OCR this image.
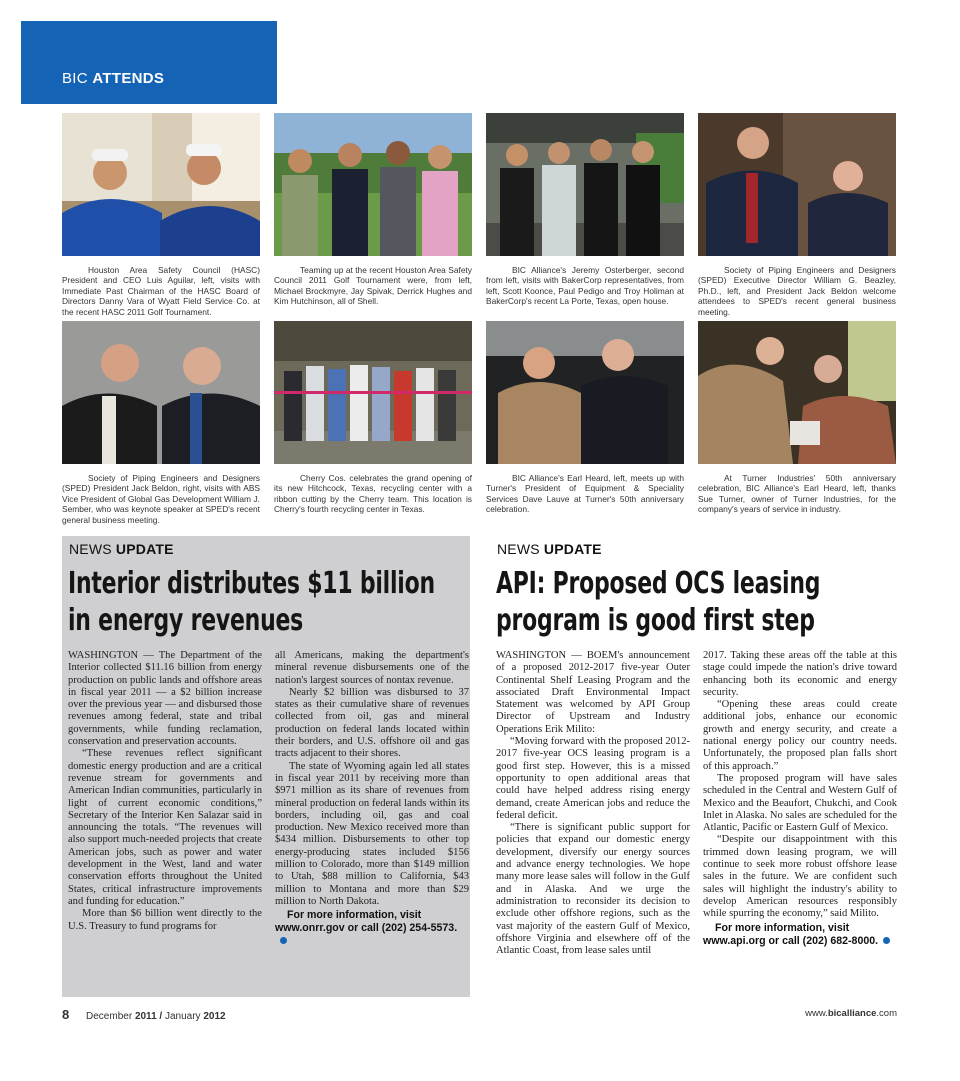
BIC ATTENDS
Houston Area Safety Council (HASC) President and CEO Luis Aguilar, left, visits with Immediate Past Chairman of the HASC Board of Directors Danny Vara of Wyatt Field Service Co. at the recent HASC 2011 Golf Tournament.
Teaming up at the recent Houston Area Safety Council 2011 Golf Tournament were, from left, Michael Brockmyre, Jay Spivak, Derrick Hughes and Kim Hutchinson, all of Shell.
BIC Alliance's Jeremy Osterberger, second from left, visits with BakerCorp representatives, from left, Scott Koonce, Paul Pedigo and Troy Holiman at BakerCorp's recent La Porte, Texas, open house.
Society of Piping Engineers and Designers (SPED) Executive Director William G. Beazley, Ph.D., left, and President Jack Beldon welcome attendees to SPED's recent general business meeting.
Society of Piping Engineers and Designers (SPED) President Jack Beldon, right, visits with ABS Vice President of Global Gas Development William J. Sember, who was keynote speaker at SPED's recent general business meeting.
Cherry Cos. celebrates the grand opening of its new Hitchcock, Texas, recycling center with a ribbon cutting by the Cherry team. This location is Cherry's fourth recycling center in Texas.
BIC Alliance's Earl Heard, left, meets up with Turner's President of Equipment & Speciality Services Dave Lauve at Turner's 50th anniversary celebration.
At Turner Industries' 50th anniversary celebration, BIC Alliance's Earl Heard, left, thanks Sue Turner, owner of Turner Industries, for the company's years of service in industry.
NEWS UPDATE
Interior distributes $11 billion
in energy revenues

WASHINGTON — The Department of the Interior collected $11.16 billion from energy production on public lands and offshore areas in fiscal year 2011 — a $2 billion increase over the previous year — and disbursed those revenues among federal, state and tribal governments, while funding reclamation, conservation and preservation accounts.

“These revenues reflect significant domestic energy production and are a critical revenue stream for governments and American Indian communities, particularly in light of current economic conditions,” Secretary of the Interior Ken Salazar said in announcing the totals. “The revenues will also support much-needed projects that create American jobs, such as power and water development in the West, land and water conservation efforts throughout the United States, critical infrastructure improvements and funding for education.”

More than $6 billion went directly to the U.S. Treasury to fund programs for

all Americans, making the department's mineral revenue disbursements one of the nation's largest sources of nontax revenue.

Nearly $2 billion was disbursed to 37 states as their cumulative share of revenues collected from oil, gas and mineral production on federal lands located within their borders, and U.S. offshore oil and gas tracts adjacent to their shores.

The state of Wyoming again led all states in fiscal year 2011 by receiving more than $971 million as its share of revenues from mineral production on federal lands within its borders, including oil, gas and coal production. New Mexico received more than $434 million. Disbursements to other top energy-producing states included $156 million to Colorado, more than $149 million to Utah, $88 million to California, $43 million to Montana and more than $29 million to North Dakota.

For more information, visit www.onrr.gov or call (202) 254-5573.
NEWS UPDATE
API: Proposed OCS leasing
program is good first step

WASHINGTON — BOEM's announcement of a proposed 2012-2017 five-year Outer Continental Shelf Leasing Program and the associated Draft Environmental Impact Statement was welcomed by API Group Director of Upstream and Industry Operations Erik Milito:

“Moving forward with the proposed 2012-2017 five-year OCS leasing program is a good first step. However, this is a missed opportunity to open additional areas that could have helped address rising energy demand, create American jobs and reduce the federal deficit.

“There is significant public support for policies that expand our domestic energy development, diversify our energy sources and advance energy technologies. We hope many more lease sales will follow in the Gulf and in Alaska. And we urge the administration to reconsider its decision to exclude other offshore regions, such as the vast majority of the eastern Gulf of Mexico, offshore Virginia and elsewhere off of the Atlantic Coast, from lease sales until

2017. Taking these areas off the table at this stage could impede the nation's drive toward enhancing both its economic and energy security.

“Opening these areas could create additional jobs, enhance our economic growth and energy security, and create a national energy policy our country needs. Unfortunately, the proposed plan falls short of this approach.”

The proposed program will have sales scheduled in the Central and Western Gulf of Mexico and the Beaufort, Chukchi, and Cook Inlet in Alaska. No sales are scheduled for the Atlantic, Pacific or Eastern Gulf of Mexico.

“Despite our disappointment with this trimmed down leasing program, we will continue to seek more robust offshore lease sales in the future. We are confident such sales will highlight the industry's ability to develop American resources responsibly while spurring the economy,” said Milito.

For more information, visit www.api.org or call (202) 682-8000.
8 December 2011 / January 2012	www.bicalliance.com
